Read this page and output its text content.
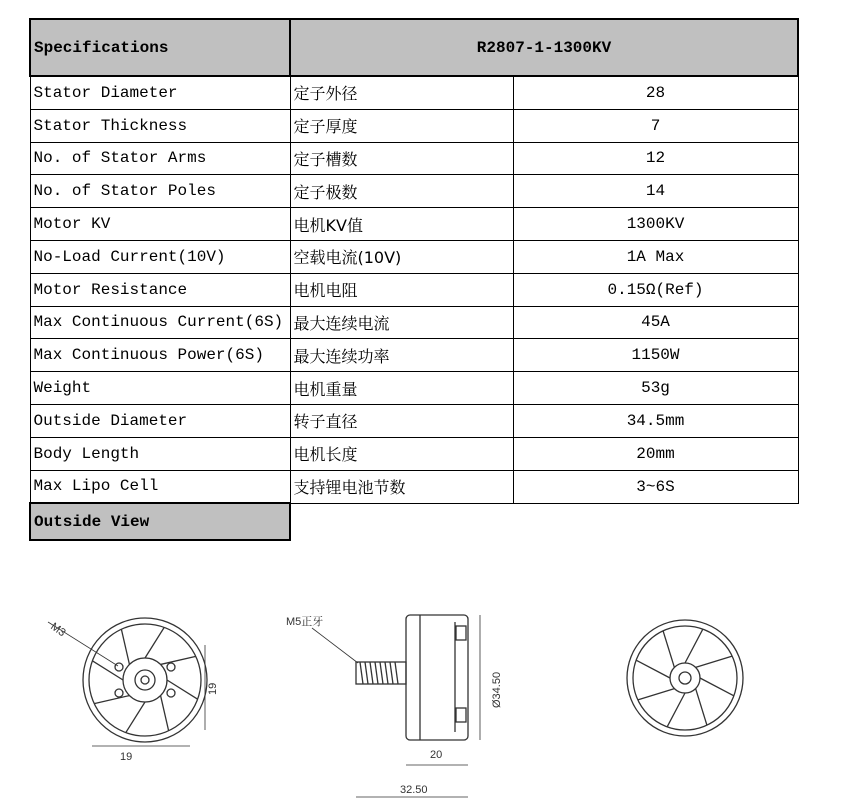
Specifications	R2807-1-1300KV	
Stator Diameter	定子外径	28
Stator Thickness	定子厚度	7
No. of Stator Arms	定子槽数	12
No. of Stator Poles	定子极数	14
Motor KV	电机KV值	1300KV
No-Load Current(10V)	空载电流(10V)	1A Max
Motor Resistance	电机电阻	0.15Ω(Ref)
Max Continuous Current(6S)	最大连续电流	45A
Max Continuous Power(6S)	最大连续功率	1150W
Weight	电机重量	53g
Outside Diameter	转子直径	34.5mm
Body Length	电机长度	20mm
Max Lipo Cell	支持锂电池节数	3~6S
Outside View		
M3
19
19
M5正牙
Ø34.50
20
32.50
